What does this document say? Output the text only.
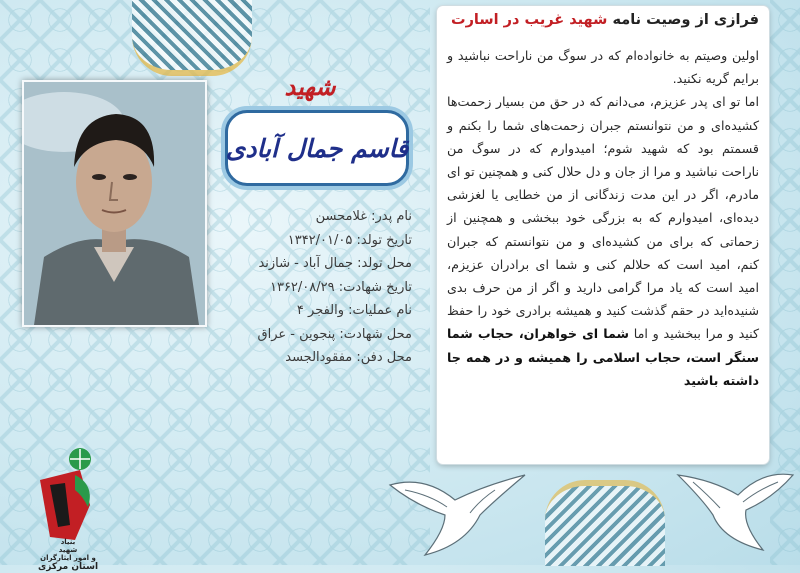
شهید
قاسم جمال آبادی
نام پدر: غلامحسن
تاریخ تولد: ۱۳۴۲/۰۱/۰۵
محل تولد: جمال آباد - شازند
تاریخ شهادت: ۱۳۶۲/۰۸/۲۹
نام عملیات: والفجر ۴
محل شهادت: پنجوین - عراق
محل دفن: مفقودالجسد
فرازی از وصیت نامه شهید غریب در اسارت
اولین وصیتم به خانواده‌ام که در سوگ من ناراحت نباشید و برایم گریه نکنید.
اما تو ای پدر عزیزم، می‌دانم که در حق من بسیار زحمت‌ها کشیده‌ای و من نتوانستم جبران زحمت‌های شما را بکنم و قسمتم بود که شهید شوم؛ امیدوارم که در سوگ من ناراحت نباشید و مرا از جان و دل حلال کنی و همچنین تو ای مادرم، اگر در این مدت زندگانی از من خطایی یا لغزشی دیده‌ای، امیدوارم که به بزرگی خود ببخشی و همچنین از زحماتی که برای من کشیده‌ای و من نتوانستم که جبران کنم، امید است که حلالم کنی و شما ای برادران عزیزم، امید است که یاد مرا گرامی دارید و اگر از من حرف بدی شنیده‌اید در حقم گذشت کنید و همیشه برادری خود را حفظ کنید و مرا ببخشید و اما شما ای خواهران، حجاب شما سنگر است، حجاب اسلامی را همیشه و در همه جا داشته باشید
بنیاد
شهید
و امور ایثارگران
استان مرکزی
